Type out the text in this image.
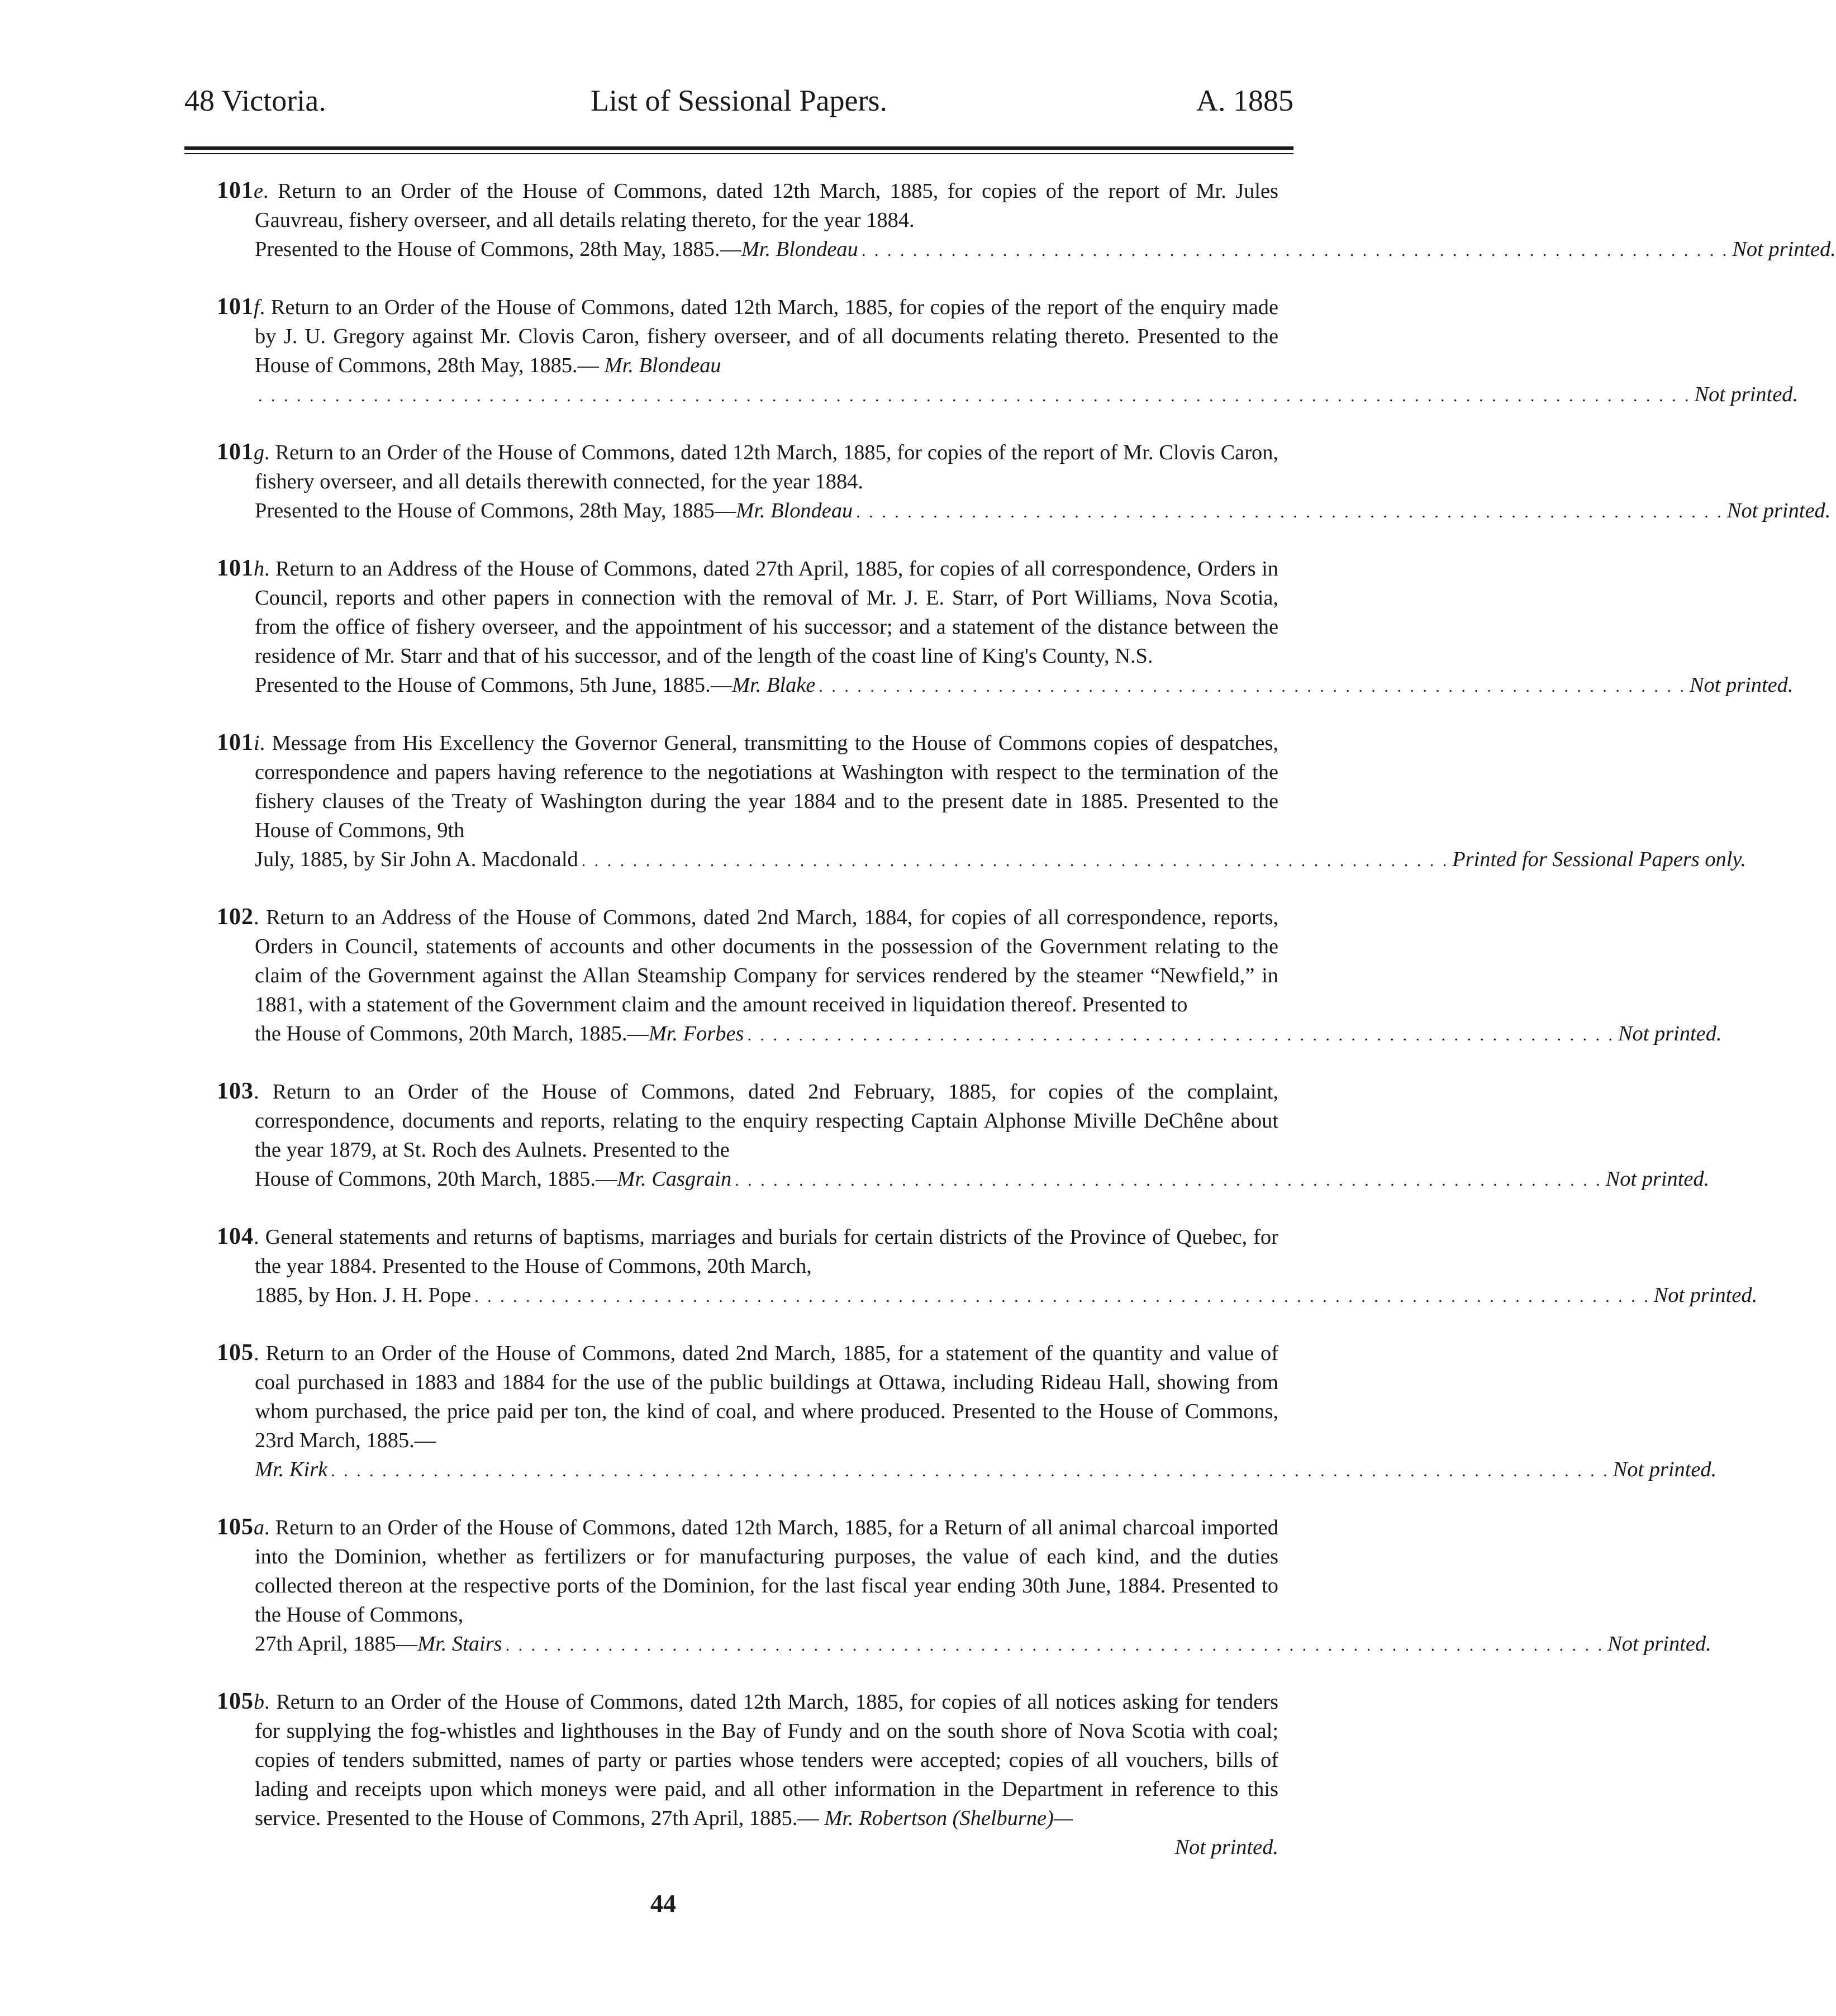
48 Victoria.	List of Sessional Papers.	A. 1885
101e. Return to an Order of the House of Commons, dated 12th March, 1885, for copies of the report of Mr. Jules Gauvreau, fishery overseer, and all details relating thereto, for the year 1884.
Presented to the House of Commons, 28th May, 1885.—Mr. Blondeau . . . . . . . . . . . . . . . . . . . . . . . . . . . . . . . . . . . . . . . . . . . . . . . . . . . . . . . . . . . . . . . . . . . . Not printed.
101f. Return to an Order of the House of Commons, dated 12th March, 1885, for copies of the report of the enquiry made by J. U. Gregory against Mr. Clovis Caron, fishery overseer, and of all documents relating thereto. Presented to the House of Commons, 28th May, 1885.— Mr. Blondeau
. . . . . . . . . . . . . . . . . . . . . . . . . . . . . . . . . . . . . . . . . . . . . . . . . . . . . . . . . . . . . . . . . . . . . . . . . . . . . . . . . . . . . . . . . . . . . . . . . . . . . . . . . . . . . . . . Not printed.
101g. Return to an Order of the House of Commons, dated 12th March, 1885, for copies of the report of Mr. Clovis Caron, fishery overseer, and all details therewith connected, for the year 1884.
Presented to the House of Commons, 28th May, 1885—Mr. Blondeau . . . . . . . . . . . . . . . . . . . . . . . . . . . . . . . . . . . . . . . . . . . . . . . . . . . . . . . . . . . . . . . . . . . . Not printed.
101h. Return to an Address of the House of Commons, dated 27th April, 1885, for copies of all correspondence, Orders in Council, reports and other papers in connection with the removal of Mr. J. E. Starr, of Port Williams, Nova Scotia, from the office of fishery overseer, and the appointment of his successor; and a statement of the distance between the residence of Mr. Starr and that of his successor, and of the length of the coast line of King's County, N.S.
Presented to the House of Commons, 5th June, 1885.—Mr. Blake . . . . . . . . . . . . . . . . . . . . . . . . . . . . . . . . . . . . . . . . . . . . . . . . . . . . . . . . . . . . . . . . . . . . Not printed.
101i. Message from His Excellency the Governor General, transmitting to the House of Commons copies of despatches, correspondence and papers having reference to the negotiations at Washington with respect to the termination of the fishery clauses of the Treaty of Washington during the year 1884 and to the present date in 1885. Presented to the House of Commons, 9th
July, 1885, by Sir John A. Macdonald . . . . . . . . . . . . . . . . . . . . . . . . . . . . . . . . . . . . . . . . . . . . . . . . . . . . . . . . . . . . . . . . . . . . Printed for Sessional Papers only.
102. Return to an Address of the House of Commons, dated 2nd March, 1884, for copies of all correspondence, reports, Orders in Council, statements of accounts and other documents in the possession of the Government relating to the claim of the Government against the Allan Steamship Company for services rendered by the steamer “Newfield,” in 1881, with a statement of the Government claim and the amount received in liquidation thereof. Presented to
the House of Commons, 20th March, 1885.—Mr. Forbes . . . . . . . . . . . . . . . . . . . . . . . . . . . . . . . . . . . . . . . . . . . . . . . . . . . . . . . . . . . . . . . . . . . . Not printed.
103. Return to an Order of the House of Commons, dated 2nd February, 1885, for copies of the complaint, correspondence, documents and reports, relating to the enquiry respecting Captain Alphonse Miville DeChêne about the year 1879, at St. Roch des Aulnets. Presented to the
House of Commons, 20th March, 1885.—Mr. Casgrain . . . . . . . . . . . . . . . . . . . . . . . . . . . . . . . . . . . . . . . . . . . . . . . . . . . . . . . . . . . . . . . . . . . . Not printed.
104. General statements and returns of baptisms, marriages and burials for certain districts of the Province of Quebec, for the year 1884. Presented to the House of Commons, 20th March,
1885, by Hon. J. H. Pope . . . . . . . . . . . . . . . . . . . . . . . . . . . . . . . . . . . . . . . . . . . . . . . . . . . . . . . . . . . . . . . . . . . . . . . . . . . . . . . . . . . . . . . . . . . . Not printed.
105. Return to an Order of the House of Commons, dated 2nd March, 1885, for a statement of the quantity and value of coal purchased in 1883 and 1884 for the use of the public buildings at Ottawa, including Rideau Hall, showing from whom purchased, the price paid per ton, the kind of coal, and where produced. Presented to the House of Commons, 23rd March, 1885.—
Mr. Kirk . . . . . . . . . . . . . . . . . . . . . . . . . . . . . . . . . . . . . . . . . . . . . . . . . . . . . . . . . . . . . . . . . . . . . . . . . . . . . . . . . . . . . . . . . . . . . . . . . . . . Not printed.
105a. Return to an Order of the House of Commons, dated 12th March, 1885, for a Return of all animal charcoal imported into the Dominion, whether as fertilizers or for manufacturing purposes, the value of each kind, and the duties collected thereon at the respective ports of the Dominion, for the last fiscal year ending 30th June, 1884. Presented to the House of Commons,
27th April, 1885—Mr. Stairs . . . . . . . . . . . . . . . . . . . . . . . . . . . . . . . . . . . . . . . . . . . . . . . . . . . . . . . . . . . . . . . . . . . . . . . . . . . . . . . . . . . . . . Not printed.
105b. Return to an Order of the House of Commons, dated 12th March, 1885, for copies of all notices asking for tenders for supplying the fog-whistles and lighthouses in the Bay of Fundy and on the south shore of Nova Scotia with coal; copies of tenders submitted, names of party or parties whose tenders were accepted; copies of all vouchers, bills of lading and receipts upon which moneys were paid, and all other information in the Department in reference to this service. Presented to the House of Commons, 27th April, 1885.— Mr. Robertson (Shelburne)—
Not printed.
44
